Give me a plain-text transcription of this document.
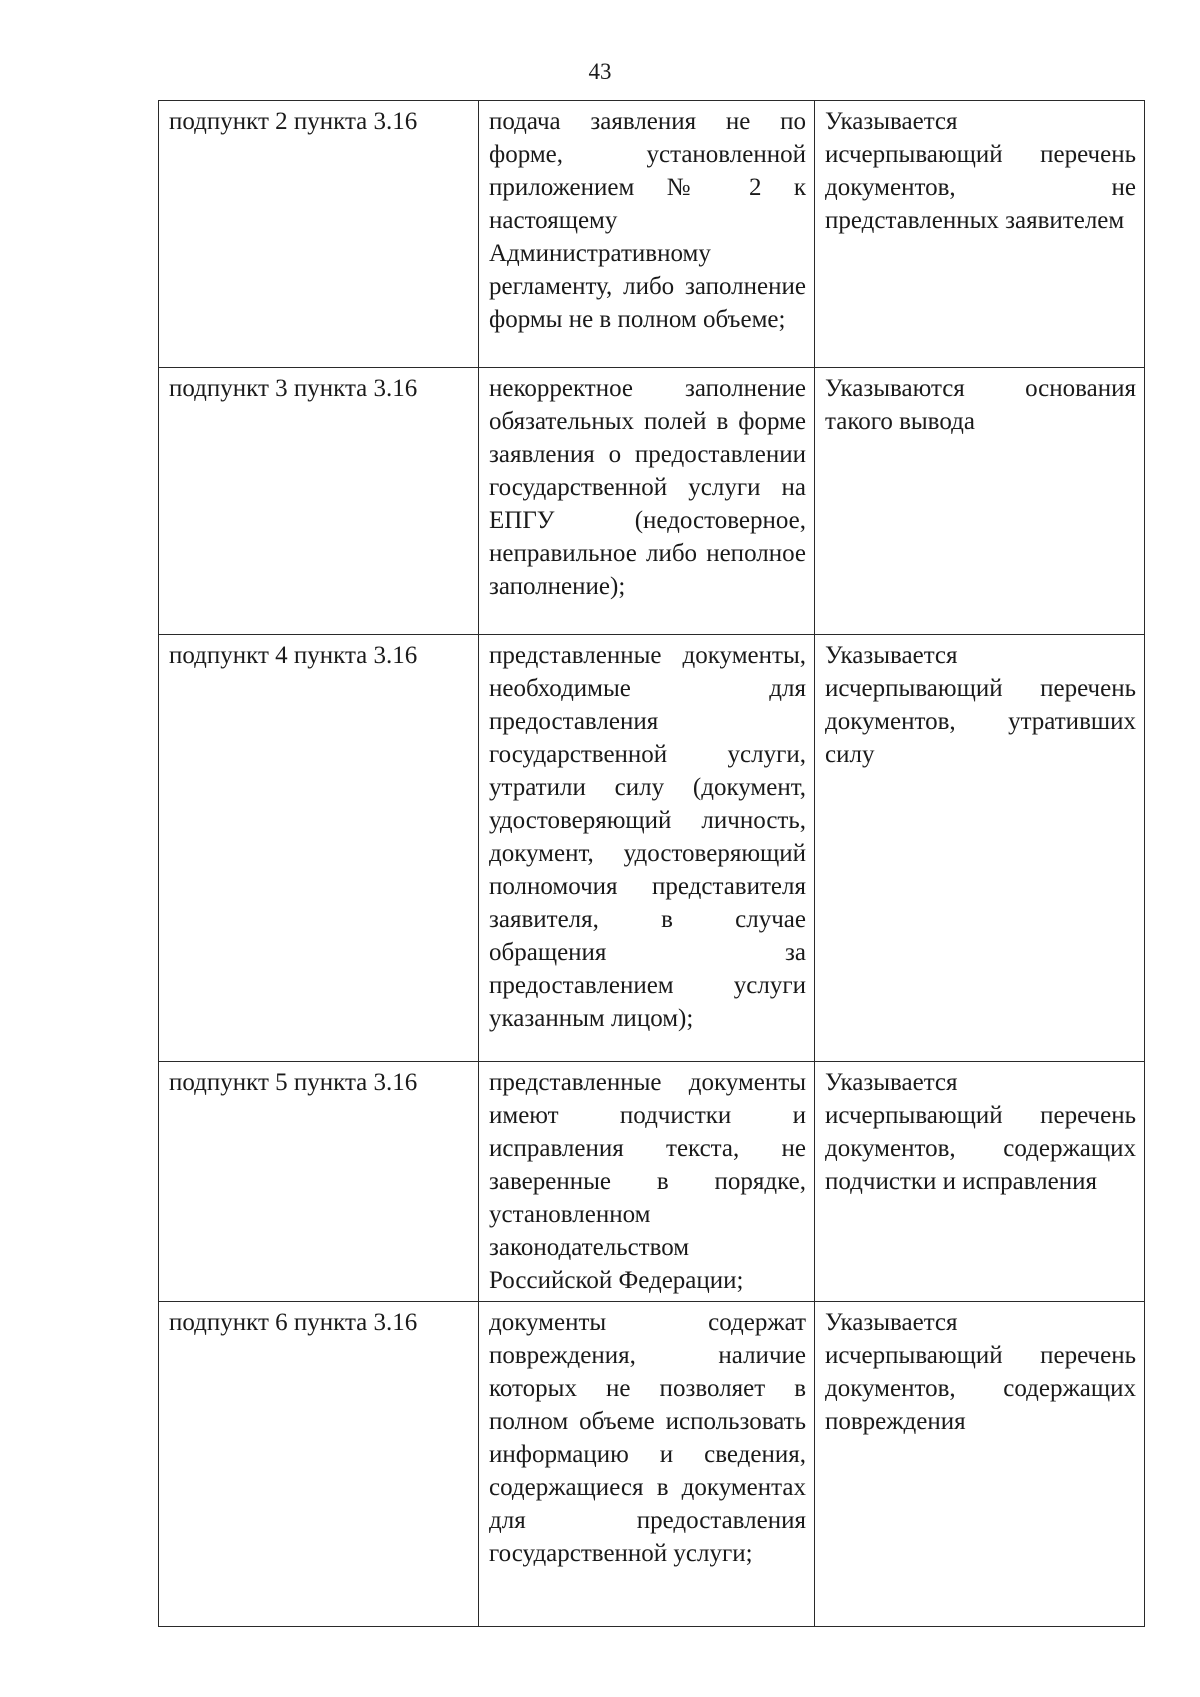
43
подпункт 2 пункта 3.16	подача заявления не по форме, установленной приложением № 2 к настоящему Административному регламенту, либо заполнение формы не в полном объеме;	Указывается исчерпывающий перечень документов, не представленных заявителем
подпункт 3 пункта 3.16	некорректное заполнение обязательных полей в форме заявления о предоставлении государственной услуги на ЕПГУ (недостоверное, неправильное либо неполное заполнение);	Указываются основания такого вывода
подпункт 4 пункта 3.16	представленные документы, необходимые для предоставления государственной услуги, утратили силу (документ, удостоверяющий личность, документ, удостоверяющий полномочия представителя заявителя, в случае обращения за предоставлением услуги указанным лицом);	Указывается исчерпывающий перечень документов, утративших силу
подпункт 5 пункта 3.16	представленные документы имеют подчистки и исправления текста, не заверенные в порядке, установленном законодательством Российской Федерации;	Указывается исчерпывающий перечень документов, содержащих подчистки и исправления
подпункт 6 пункта 3.16	документы содержат повреждения, наличие которых не позволяет в полном объеме использовать информацию и сведения, содержащиеся в документах для предоставления государственной услуги;	Указывается исчерпывающий перечень документов, содержащих повреждения
